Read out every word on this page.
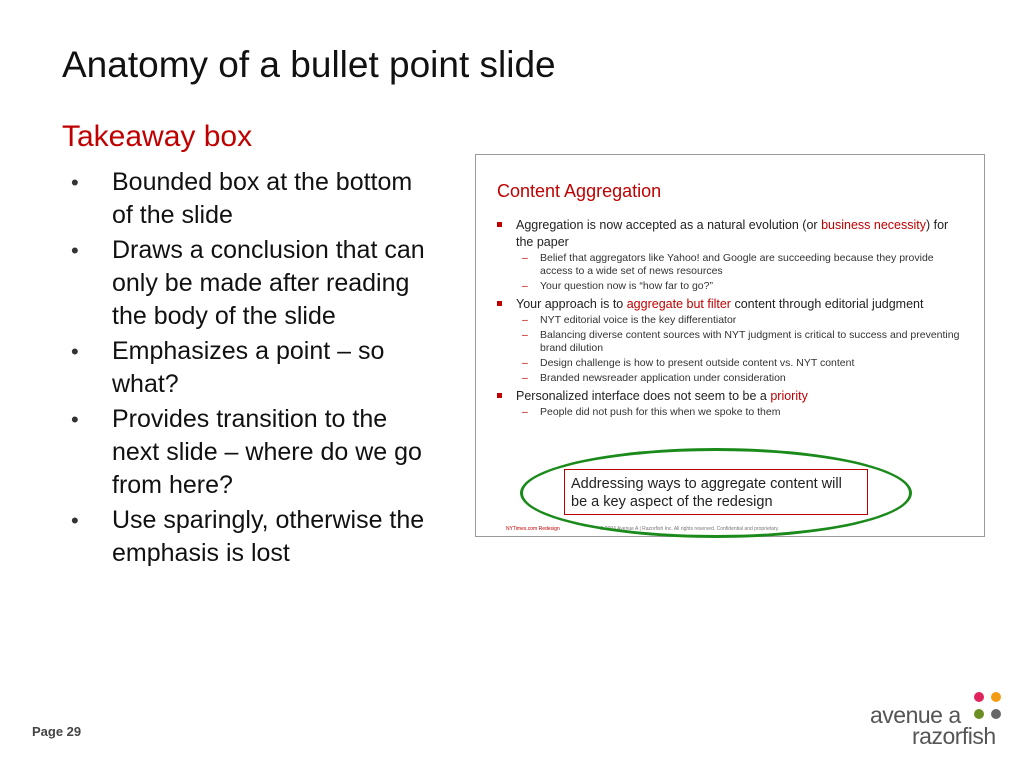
Anatomy of a bullet point slide
Takeaway box
• Bounded box at the bottom of the slide
• Draws a conclusion that can only be made after reading the body of the slide
• Emphasizes a point – so what?
• Provides transition to the next slide – where do we go from here?
• Use sparingly, otherwise the emphasis is lost
Content Aggregation
Aggregation is now accepted as a natural evolution (or business necessity) for the paper
– Belief that aggregators like Yahoo! and Google are succeeding because they provide access to a wide set of news resources
– Your question now is “how far to go?”
Your approach is to aggregate but filter content through editorial judgment
– NYT editorial voice is the key differentiator
– Balancing diverse content sources with NYT judgment is critical to success and preventing brand dilution
– Design challenge is how to present outside content vs. NYT content
– Branded newsreader application under consideration
Personalized interface does not seem to be a priority
– People did not push for this when we spoke to them
Addressing ways to aggregate content will be a key aspect of the redesign
NYTimes.com Redesign	© 2004 Avenue A | Razorfish Inc. All rights reserved. Confidential and proprietary.
Page 29
avenue a
razorfish
